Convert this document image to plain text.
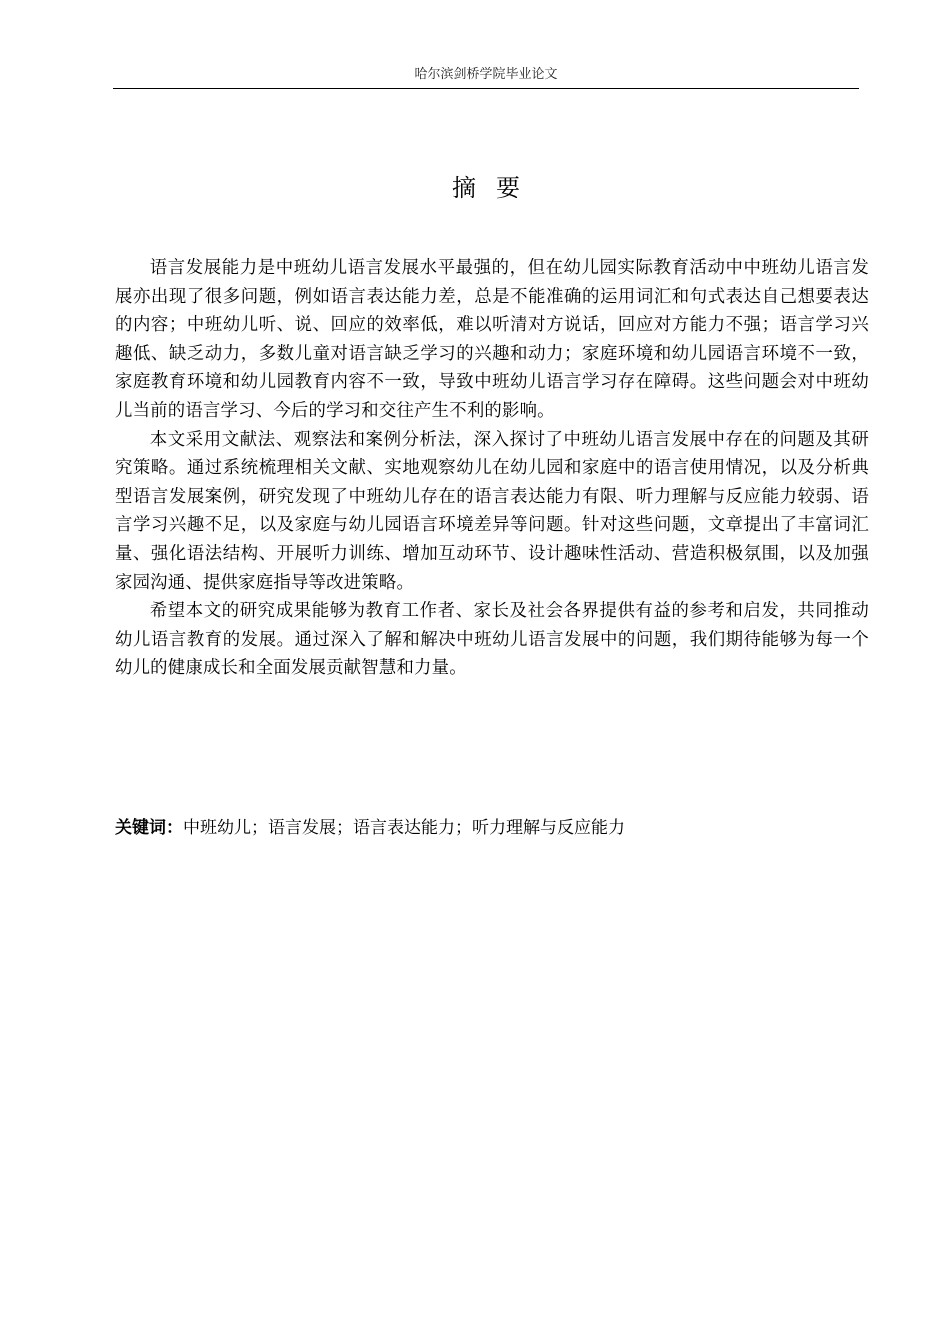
哈尔滨剑桥学院毕业论文
摘要

语言发展能力是中班幼儿语言发展水平最强的，但在幼儿园实际教育活动中中班幼儿语言发展亦出现了很多问题，例如语言表达能力差，总是不能准确的运用词汇和句式表达自己想要表达的内容；中班幼儿听、说、回应的效率低，难以听清对方说话，回应对方能力不强；语言学习兴趣低、缺乏动力，多数儿童对语言缺乏学习的兴趣和动力；家庭环境和幼儿园语言环境不一致，家庭教育环境和幼儿园教育内容不一致，导致中班幼儿语言学习存在障碍。这些问题会对中班幼儿当前的语言学习、今后的学习和交往产生不利的影响。

本文采用文献法、观察法和案例分析法，深入探讨了中班幼儿语言发展中存在的问题及其研究策略。通过系统梳理相关文献、实地观察幼儿在幼儿园和家庭中的语言使用情况，以及分析典型语言发展案例，研究发现了中班幼儿存在的语言表达能力有限、听力理解与反应能力较弱、语言学习兴趣不足，以及家庭与幼儿园语言环境差异等问题。针对这些问题，文章提出了丰富词汇量、强化语法结构、开展听力训练、增加互动环节、设计趣味性活动、营造积极氛围，以及加强家园沟通、提供家庭指导等改进策略。

希望本文的研究成果能够为教育工作者、家长及社会各界提供有益的参考和启发，共同推动幼儿语言教育的发展。通过深入了解和解决中班幼儿语言发展中的问题，我们期待能够为每一个幼儿的健康成长和全面发展贡献智慧和力量。

关键词：中班幼儿；语言发展；语言表达能力；听力理解与反应能力
